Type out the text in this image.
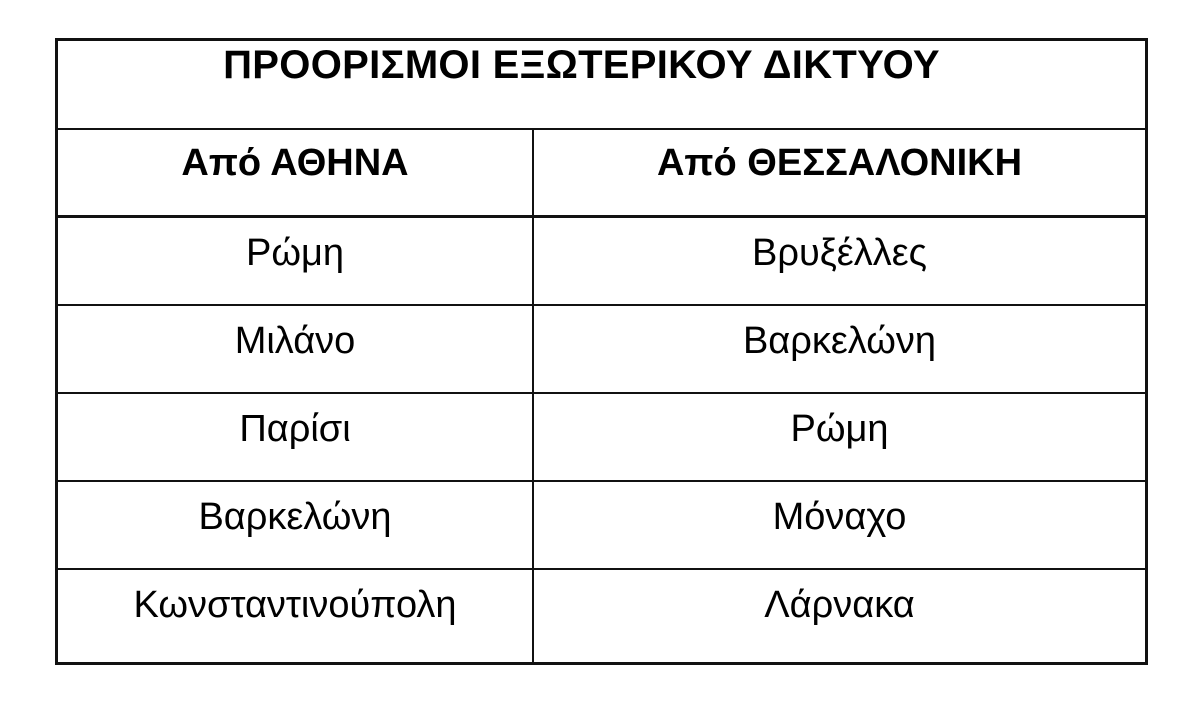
ΠΡΟΟΡΙΣΜΟΙ ΕΞΩΤΕΡΙΚΟΥ ΔΙΚΤΥΟΥ
Από ΑΘΗΝΑ	Από ΘΕΣΣΑΛΟΝΙΚΗ
Ρώμη	Βρυξέλλες
Μιλάνο	Βαρκελώνη
Παρίσι	Ρώμη
Βαρκελώνη	Μόναχο
Κωνσταντινούπολη	Λάρνακα
